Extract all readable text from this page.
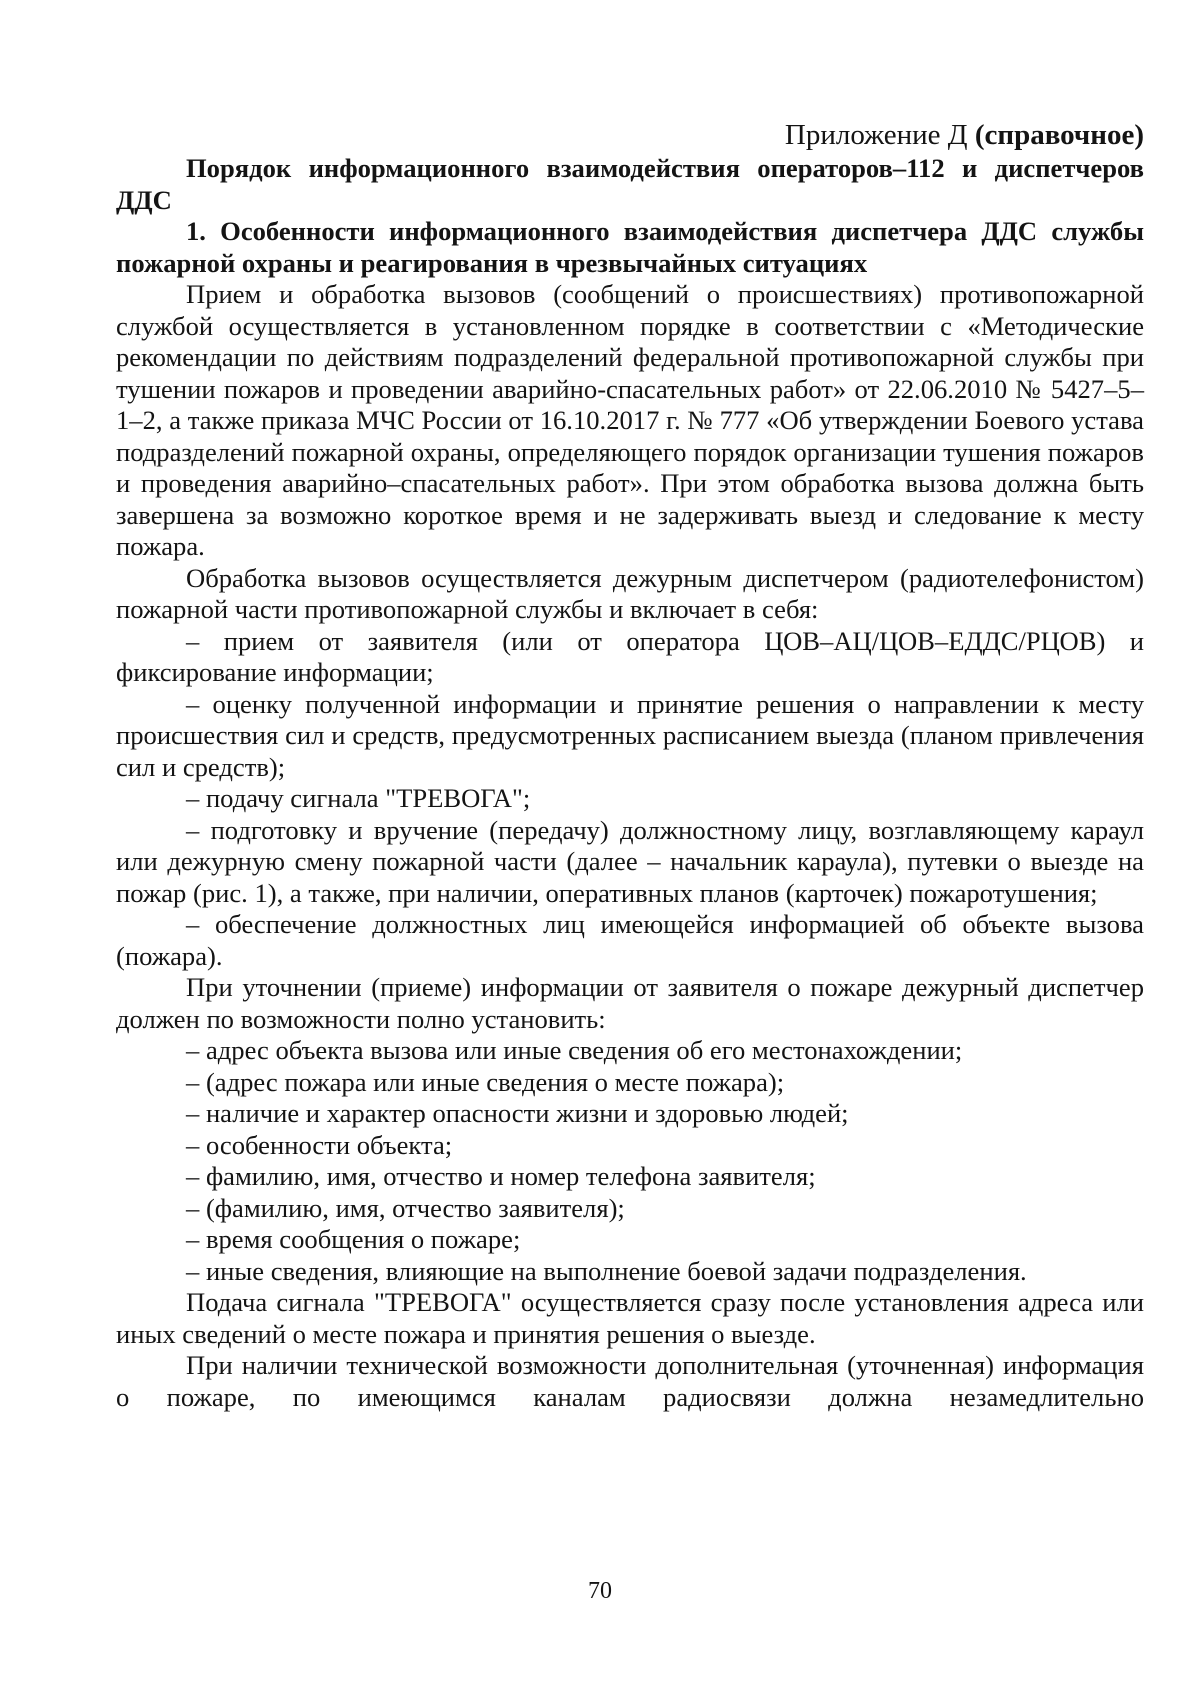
Приложение Д (справочное)
Порядок информационного взаимодействия операторов–112 и диспетчеров ДДС
1. Особенности информационного взаимодействия диспетчера ДДС службы пожарной охраны и реагирования в чрезвычайных ситуациях

Прием и обработка вызовов (сообщений о происшествиях) противопожарной службой осуществляется в установленном порядке в соответствии с «Методические рекомендации по действиям подразделений федеральной противопожарной службы при тушении пожаров и проведении аварийно-спасательных работ» от 22.06.2010 № 5427–5–1–2, а также приказа МЧС России от 16.10.2017 г. № 777 «Об утверждении Боевого устава подразделений пожарной охраны, определяющего порядок организации тушения пожаров и проведения аварийно–спасательных работ». При этом обработка вызова должна быть завершена за возможно короткое время и не задерживать выезд и следование к месту пожара.

Обработка вызовов осуществляется дежурным диспетчером (радиотелефонистом) пожарной части противопожарной службы и включает в себя:

– прием от заявителя (или от оператора ЦОВ–АЦ/ЦОВ–ЕДДС/РЦОВ) и фиксирование информации;
– оценку полученной информации и принятие решения о направлении к месту происшествия сил и средств, предусмотренных расписанием выезда (планом привлечения сил и средств);
– подачу сигнала "ТРЕВОГА";
– подготовку и вручение (передачу) должностному лицу, возглавляющему караул или дежурную смену пожарной части (далее – начальник караула), путевки о выезде на пожар (рис. 1), а также, при наличии, оперативных планов (карточек) пожаротушения;
– обеспечение должностных лиц имеющейся информацией об объекте вызова (пожара).

При уточнении (приеме) информации от заявителя о пожаре дежурный диспетчер должен по возможности полно установить:

– адрес объекта вызова или иные сведения об его местонахождении;
– (адрес пожара или иные сведения о месте пожара);
– наличие и характер опасности жизни и здоровью людей;
– особенности объекта;
– фамилию, имя, отчество и номер телефона заявителя;
– (фамилию, имя, отчество заявителя);
– время сообщения о пожаре;
– иные сведения, влияющие на выполнение боевой задачи подразделения.

Подача сигнала "ТРЕВОГА" осуществляется сразу после установления адреса или иных сведений о месте пожара и принятия решения о выезде.

При наличии технической возможности дополнительная (уточненная) информация о пожаре, по имеющимся каналам радиосвязи должна незамедлительно

70
